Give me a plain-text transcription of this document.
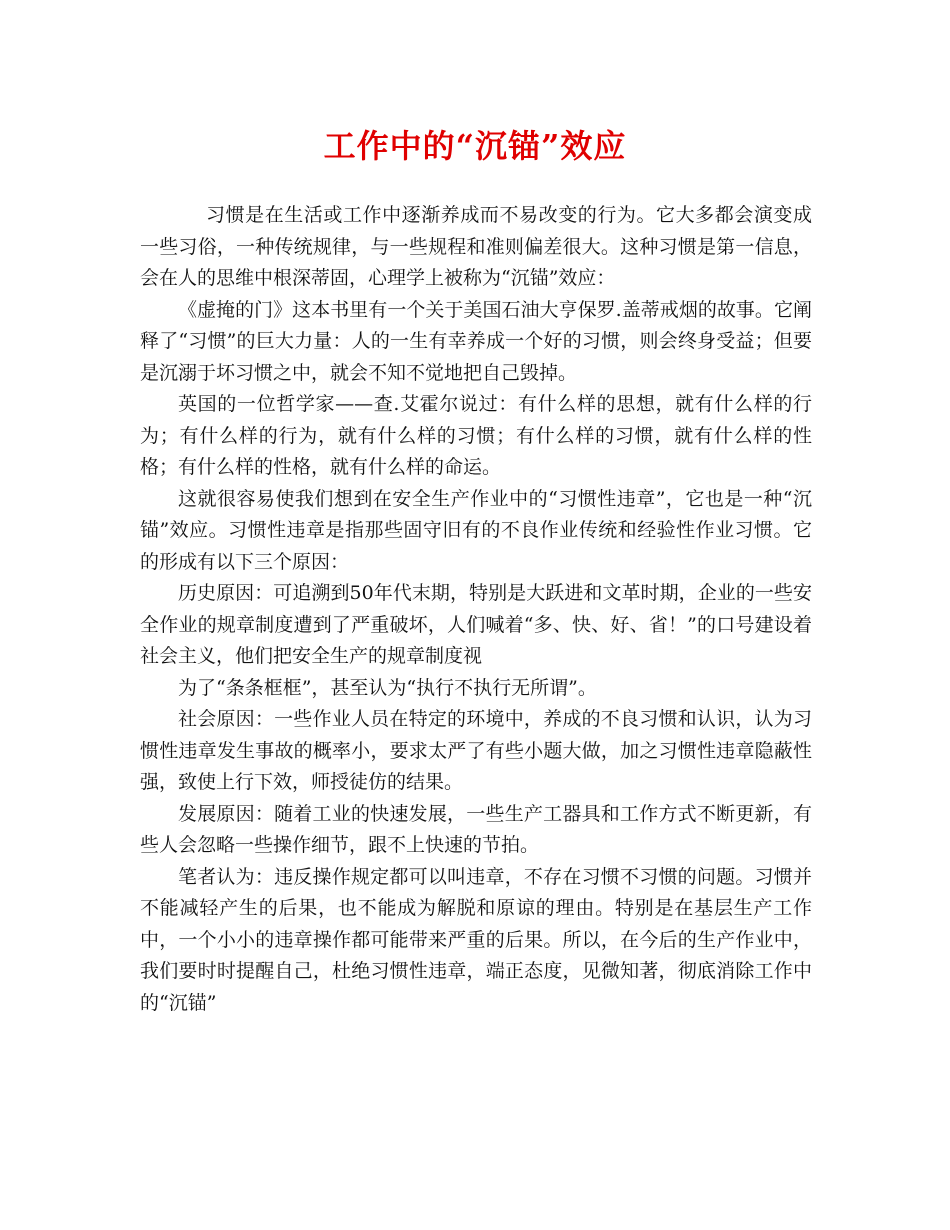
工作中的“沉锚”效应

习惯是在生活或工作中逐渐养成而不易改变的行为。它大多都会演变成一些习俗，一种传统规律，与一些规程和准则偏差很大。这种习惯是第一信息，会在人的思维中根深蒂固，心理学上被称为“沉锚”效应：

《虚掩的门》这本书里有一个关于美国石油大亨保罗.盖蒂戒烟的故事。它阐释了“习惯”的巨大力量：人的一生有幸养成一个好的习惯，则会终身受益；但要是沉溺于坏习惯之中，就会不知不觉地把自己毁掉。

英国的一位哲学家——查.艾霍尔说过：有什么样的思想，就有什么样的行为；有什么样的行为，就有什么样的习惯；有什么样的习惯，就有什么样的性格；有什么样的性格，就有什么样的命运。

这就很容易使我们想到在安全生产作业中的“习惯性违章”，它也是一种“沉锚”效应。习惯性违章是指那些固守旧有的不良作业传统和经验性作业习惯。它的形成有以下三个原因：

历史原因：可追溯到50年代末期，特别是大跃进和文革时期，企业的一些安全作业的规章制度遭到了严重破坏，人们喊着“多、快、好、省！”的口号建设着社会主义，他们把安全生产的规章制度视

为了“条条框框”，甚至认为“执行不执行无所谓”。

社会原因：一些作业人员在特定的环境中，养成的不良习惯和认识，认为习惯性违章发生事故的概率小，要求太严了有些小题大做，加之习惯性违章隐蔽性强，致使上行下效，师授徒仿的结果。

发展原因：随着工业的快速发展，一些生产工器具和工作方式不断更新，有些人会忽略一些操作细节，跟不上快速的节拍。

笔者认为：违反操作规定都可以叫违章，不存在习惯不习惯的问题。习惯并不能减轻产生的后果，也不能成为解脱和原谅的理由。特别是在基层生产工作中，一个小小的违章操作都可能带来严重的后果。所以，在今后的生产作业中，我们要时时提醒自己，杜绝习惯性违章，端正态度，见微知著，彻底消除工作中的“沉锚”
